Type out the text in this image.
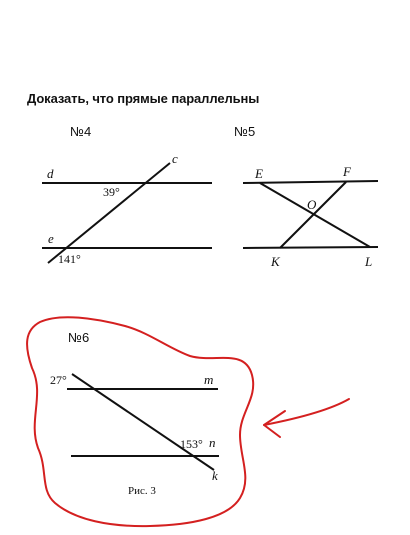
Доказать, что прямые параллельны
№4	№5
№6
d
c
e
39°
141°
E	F
O
K	L
m
n
k
27°
153°
Рис. 3
